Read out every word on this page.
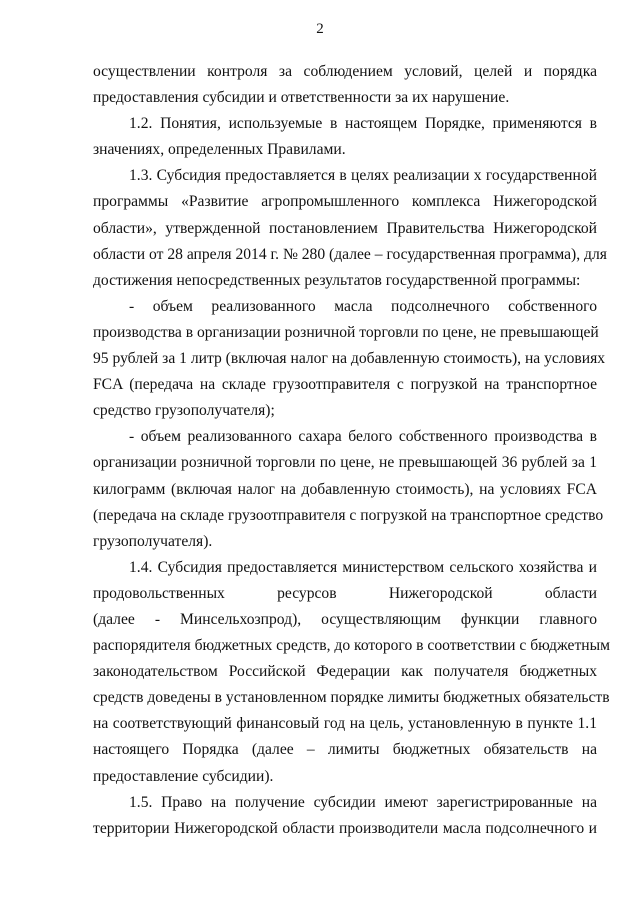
2
осуществлении контроля за соблюдением условий, целей и порядка
предоставления субсидии и ответственности за их нарушение.
1.2. Понятия, используемые в настоящем Порядке, применяются в
значениях, определенных Правилами.
1.3. Субсидия предоставляется в целях реализации х государственной
программы «Развитие агропромышленного комплекса Нижегородской
области», утвержденной постановлением Правительства Нижегородской
области от 28 апреля 2014 г. № 280 (далее – государственная программа), для
достижения непосредственных результатов государственной программы:
- объем реализованного масла подсолнечного собственного
производства в организации розничной торговли по цене, не превышающей
95 рублей за 1 литр (включая налог на добавленную стоимость), на условиях
FCA (передача на складе грузоотправителя с погрузкой на транспортное
средство грузополучателя);
- объем реализованного сахара белого собственного производства в
организации розничной торговли по цене, не превышающей 36 рублей за 1
килограмм (включая налог на добавленную стоимость), на условиях FCA
(передача на складе грузоотправителя с погрузкой на транспортное средство
грузополучателя).
1.4. Субсидия предоставляется министерством сельского хозяйства и
продовольственных ресурсов Нижегородской области
(далее - Минсельхозпрод), осуществляющим функции главного
распорядителя бюджетных средств, до которого в соответствии с бюджетным
законодательством Российской Федерации как получателя бюджетных
средств доведены в установленном порядке лимиты бюджетных обязательств
на соответствующий финансовый год на цель, установленную в пункте 1.1
настоящего Порядка (далее – лимиты бюджетных обязательств на
предоставление субсидии).
1.5. Право на получение субсидии имеют зарегистрированные на
территории Нижегородской области производители масла подсолнечного и
